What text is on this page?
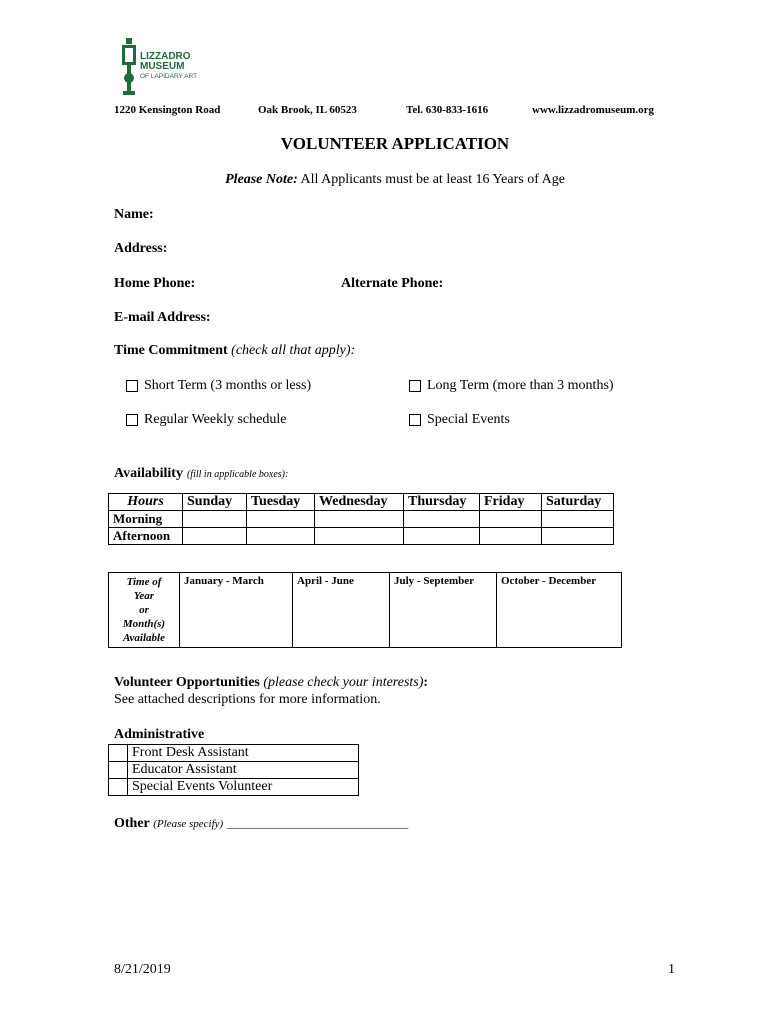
LIZZADRO
MUSEUM
OF LAPIDARY ART
1220 Kensington Road	Oak Brook, IL 60523	Tel. 630-833-1616	www.lizzadromuseum.org
VOLUNTEER APPLICATION
Please Note: All Applicants must be at least 16 Years of Age
Name:
Address:
Home Phone:	Alternate Phone:
E-mail Address:
Time Commitment (check all that apply):
Short Term (3 months or less)	Long Term (more than 3 months)
Regular Weekly schedule	Special Events
Availability (fill in applicable boxes):
Hours	Sunday	Tuesday	Wednesday	Thursday	Friday	Saturday
Morning						
Afternoon						
Time of
Year
or
Month(s)
Available
	January - March	April - June	July - September	October - December
Volunteer Opportunities (please check your interests):
See attached descriptions for more information.
Administrative
	Front Desk Assistant
	Educator Assistant
	Special Events Volunteer
Other (Please specify) _________________________________
8/21/2019	1
